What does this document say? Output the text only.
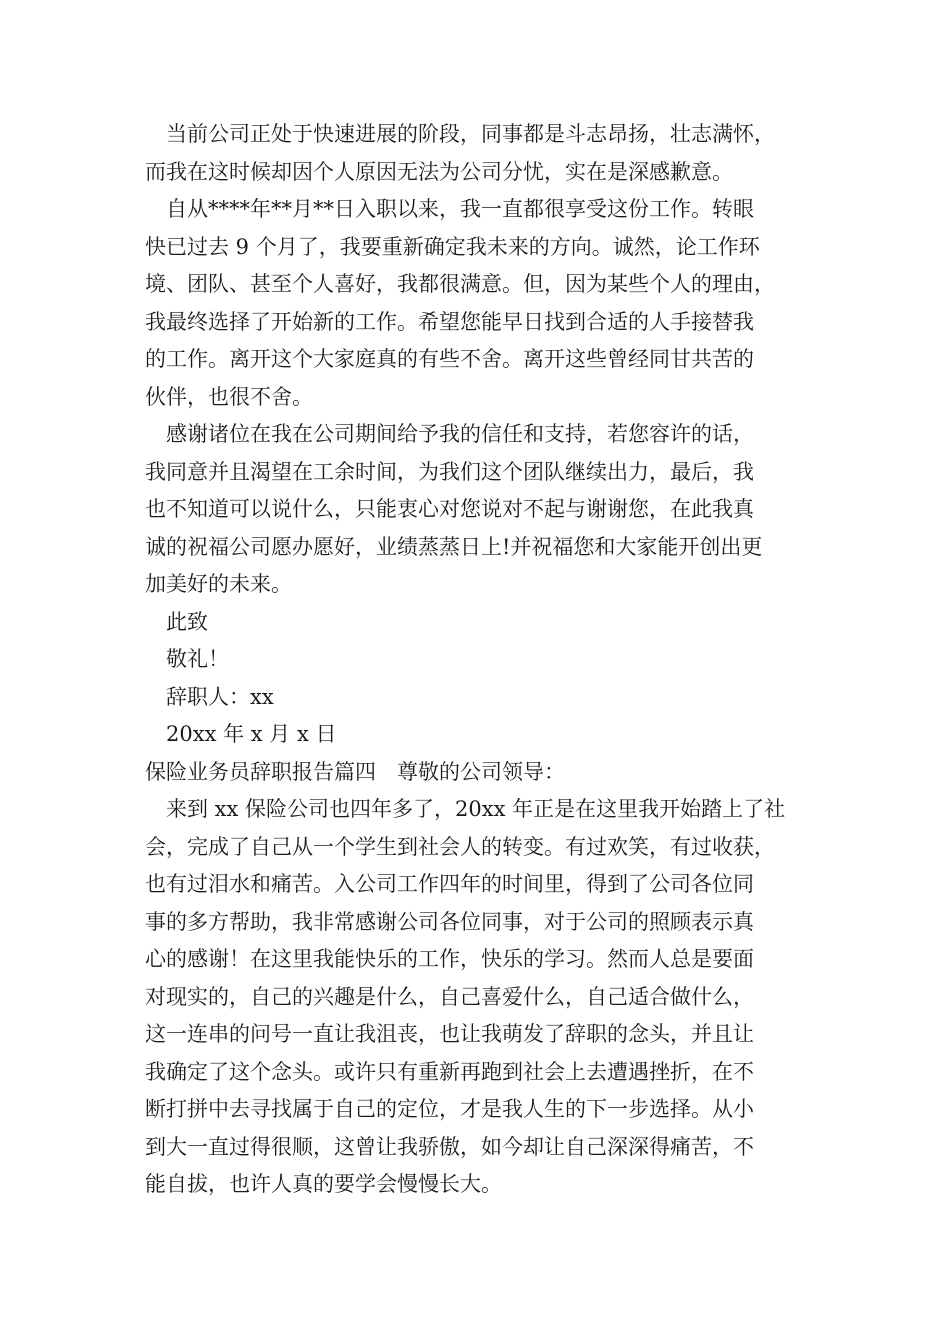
当前公司正处于快速进展的阶段，同事都是斗志昂扬，壮志满怀，
而我在这时候却因个人原因无法为公司分忧，实在是深感歉意。
自从****年**月**日入职以来，我一直都很享受这份工作。转眼
快已过去 9 个月了，我要重新确定我未来的方向。诚然，论工作环
境、团队、甚至个人喜好，我都很满意。但，因为某些个人的理由，
我最终选择了开始新的工作。希望您能早日找到合适的人手接替我
的工作。离开这个大家庭真的有些不舍。离开这些曾经同甘共苦的
伙伴，也很不舍。
感谢诸位在我在公司期间给予我的信任和支持，若您容许的话，
我同意并且渴望在工余时间，为我们这个团队继续出力，最后，我
也不知道可以说什么，只能衷心对您说对不起与谢谢您，在此我真
诚的祝福公司愿办愿好，业绩蒸蒸日上!并祝福您和大家能开创出更
加美好的未来。
此致
敬礼！
辞职人：xx
20xx 年 x 月 x 日
保险业务员辞职报告篇四　尊敬的公司领导：
来到 xx 保险公司也四年多了，20xx 年正是在这里我开始踏上了社
会，完成了自己从一个学生到社会人的转变。有过欢笑，有过收获，
也有过泪水和痛苦。入公司工作四年的时间里，得到了公司各位同
事的多方帮助，我非常感谢公司各位同事，对于公司的照顾表示真
心的感谢！在这里我能快乐的工作，快乐的学习。然而人总是要面
对现实的，自己的兴趣是什么，自己喜爱什么，自己适合做什么，
这一连串的问号一直让我沮丧，也让我萌发了辞职的念头，并且让
我确定了这个念头。或许只有重新再跑到社会上去遭遇挫折，在不
断打拼中去寻找属于自己的定位，才是我人生的下一步选择。从小
到大一直过得很顺，这曾让我骄傲，如今却让自己深深得痛苦，不
能自拔，也许人真的要学会慢慢长大。
